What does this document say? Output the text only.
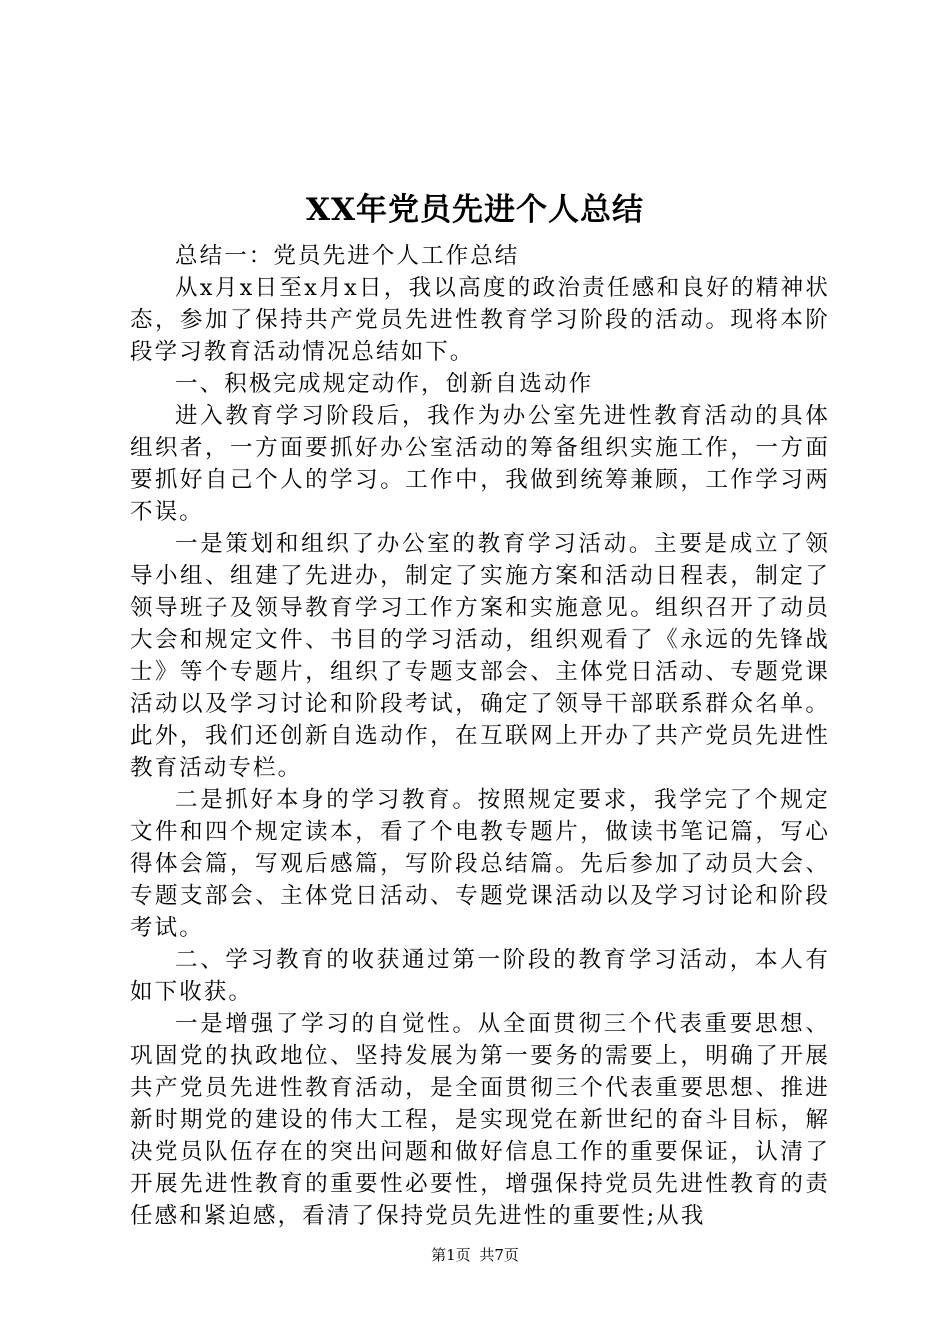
XX年党员先进个人总结

总结一：党员先进个人工作总结

从x月x日至x月x日，我以高度的政治责任感和良好的精神状态，参加了保持共产党员先进性教育学习阶段的活动。现将本阶段学习教育活动情况总结如下。

一、积极完成规定动作，创新自选动作

进入教育学习阶段后，我作为办公室先进性教育活动的具体组织者，一方面要抓好办公室活动的筹备组织实施工作，一方面要抓好自己个人的学习。工作中，我做到统筹兼顾，工作学习两不误。

一是策划和组织了办公室的教育学习活动。主要是成立了领导小组、组建了先进办，制定了实施方案和活动日程表，制定了领导班子及领导教育学习工作方案和实施意见。组织召开了动员大会和规定文件、书目的学习活动，组织观看了《永远的先锋战士》等个专题片，组织了专题支部会、主体党日活动、专题党课活动以及学习讨论和阶段考试，确定了领导干部联系群众名单。此外，我们还创新自选动作，在互联网上开办了共产党员先进性教育活动专栏。

二是抓好本身的学习教育。按照规定要求，我学完了个规定文件和四个规定读本，看了个电教专题片，做读书笔记篇，写心得体会篇，写观后感篇，写阶段总结篇。先后参加了动员大会、专题支部会、主体党日活动、专题党课活动以及学习讨论和阶段考试。

二、学习教育的收获通过第一阶段的教育学习活动，本人有如下收获。

一是增强了学习的自觉性。从全面贯彻三个代表重要思想、巩固党的执政地位、坚持发展为第一要务的需要上，明确了开展共产党员先进性教育活动，是全面贯彻三个代表重要思想、推进新时期党的建设的伟大工程，是实现党在新世纪的奋斗目标，解决党员队伍存在的突出问题和做好信息工作的重要保证，认清了开展先进性教育的重要性必要性，增强保持党员先进性教育的责任感和紧迫感，看清了保持党员先进性的重要性;从我

第1页 共7页
